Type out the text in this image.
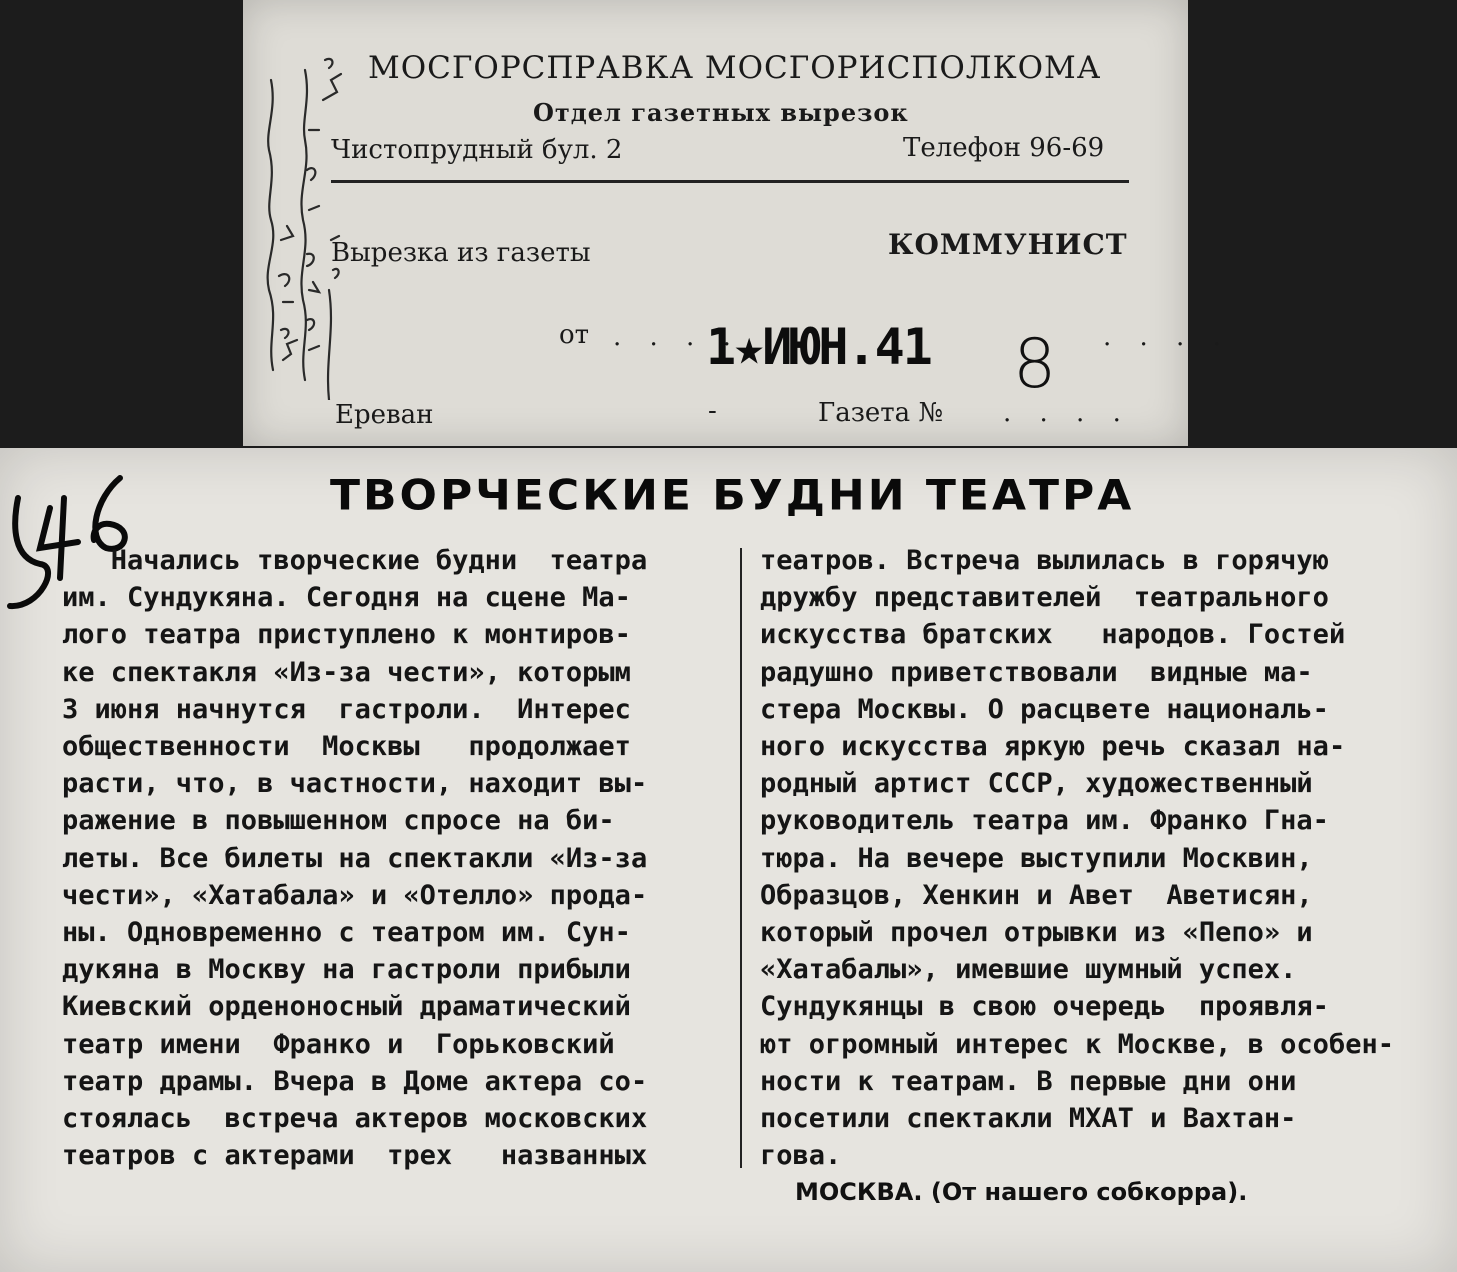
Армян. Госуд. театр им. Сундукяна
МОСГОРСПРАВКА МОСГОРИСПОЛКОМА
Отдел газетных вырезок
Чистопрудный бул. 2	Телефон 96-69
Вырезка из газеты	КОММУНИСТ
от . . . .
1★ИЮН.41 8 . . . .
Ереван	-	Газета № . . . .
546
ТВОРЧЕСКИЕ БУДНИ ТЕАТРА
Начались творческие будни  театра
им. Сундукяна. Сегодня на сцене Ма-
лого театра приступлено к монтиров-
ке спектакля «Из-за чести», которым
3 июня начнутся  гастроли.  Интерес
общественности  Москвы   продолжает
расти, что, в частности, находит вы-
ражение в повышенном спросе на би-
леты. Все билеты на спектакли «Из-за
чести», «Хатабала» и «Отелло» прода-
ны. Одновременно с театром им. Сун-
дукяна в Москву на гастроли прибыли
Киевский орденоносный драматический
театр имени  Франко и  Горьковский
театр драмы. Вчера в Доме актера со-
стоялась  встреча актеров московских
театров с актерами  трех   названных
театров. Встреча вылилась в горячую
дружбу представителей  театрального
искусства братских   народов. Гостей
радушно приветствовали  видные ма-
стера Москвы. О расцвете националь-
ного искусства яркую речь сказал на-
родный артист СССР, художественный
руководитель театра им. Франко Гна-
тюра. На вечере выступили Москвин,
Образцов, Хенкин и Авет  Аветисян,
который прочел отрывки из «Пепо» и
«Хатабалы», имевшие шумный успех.
Сундукянцы в свою очередь  проявля-
ют огромный интерес к Москве, в особен-
ности к театрам. В первые дни они
посетили спектакли МХАТ и Вахтан-
гова.
МОСКВА. (От нашего собкорра).
